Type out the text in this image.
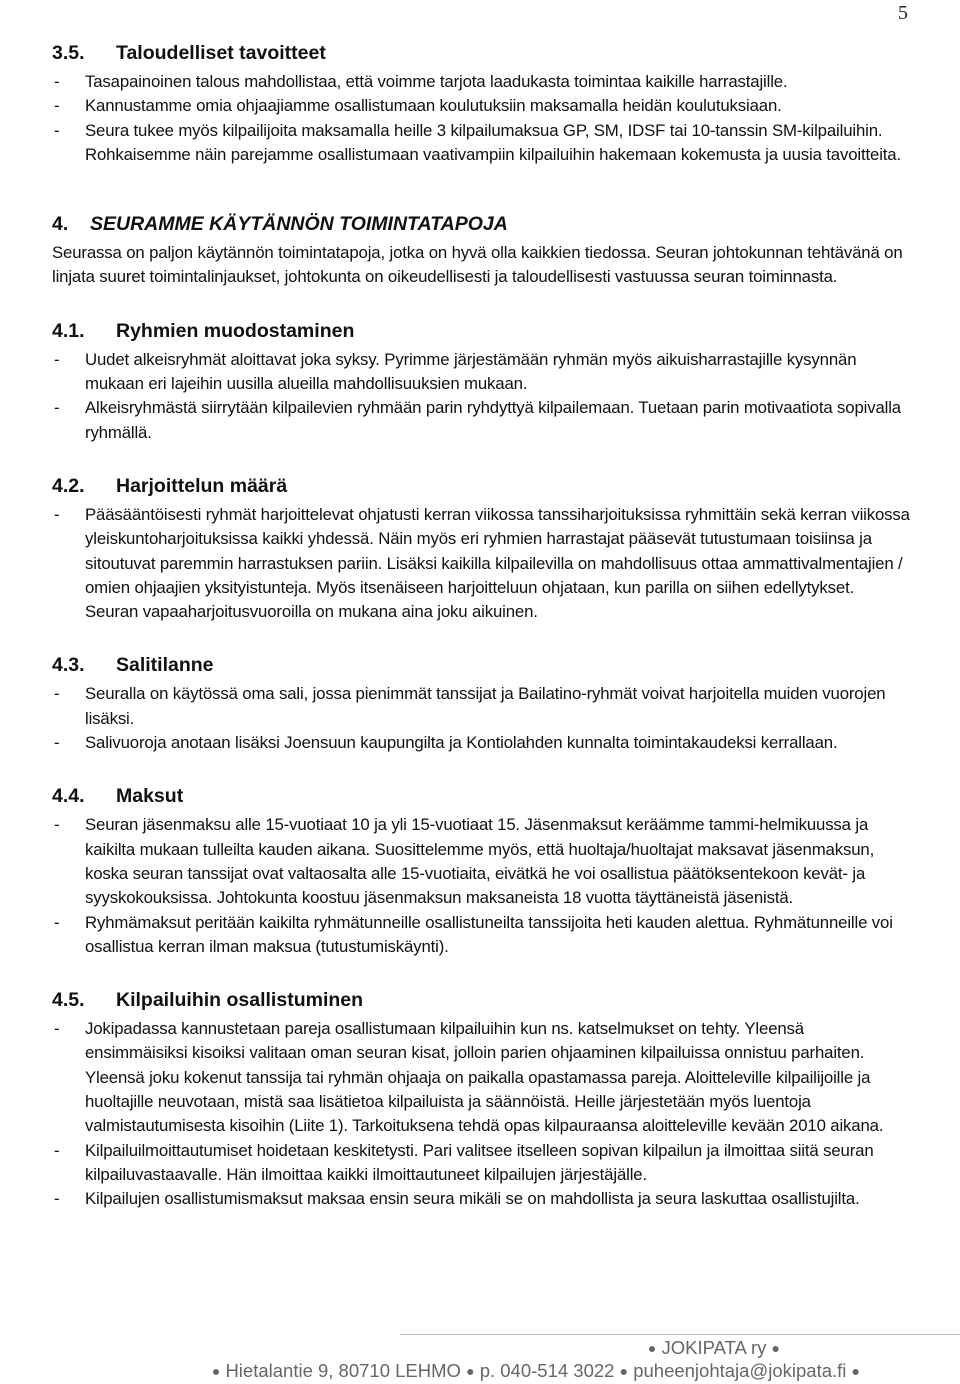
5
3.5.	Taloudelliset tavoitteet
- Tasapainoinen talous mahdollistaa, että voimme tarjota laadukasta toimintaa kaikille harrastajille.
- Kannustamme omia ohjaajiamme osallistumaan koulutuksiin maksamalla heidän koulutuksiaan.
- Seura tukee myös kilpailijoita maksamalla heille 3 kilpailumaksua GP, SM, IDSF tai 10-tanssin SM-kilpailuihin. Rohkaisemme näin parejamme osallistumaan vaativampiin kilpailuihin hakemaan kokemusta ja uusia tavoitteita.
4.	SEURAMME KÄYTÄNNÖN TOIMINTATAPOJA

Seurassa on paljon käytännön toimintatapoja, jotka on hyvä olla kaikkien tiedossa. Seuran johtokunnan tehtävänä on linjata suuret toimintalinjaukset, johtokunta on oikeudellisesti ja taloudellisesti vastuussa seuran toiminnasta.

4.1.	Ryhmien muodostaminen
- Uudet alkeisryhmät aloittavat joka syksy. Pyrimme järjestämään ryhmän myös aikuisharrastajille kysynnän mukaan eri lajeihin uusilla alueilla mahdollisuuksien mukaan.
- Alkeisryhmästä siirrytään kilpailevien ryhmään parin ryhdyttyä kilpailemaan. Tuetaan parin motivaatiota sopivalla ryhmällä.
4.2.	Harjoittelun määrä
- Pääsääntöisesti ryhmät harjoittelevat ohjatusti kerran viikossa tanssiharjoituksissa ryhmittäin sekä kerran viikossa yleiskuntoharjoituksissa kaikki yhdessä. Näin myös eri ryhmien harrastajat pääsevät tutustumaan toisiinsa ja sitoutuvat paremmin harrastuksen pariin. Lisäksi kaikilla kilpailevilla on mahdollisuus ottaa ammattivalmentajien / omien ohjaajien yksityistunteja. Myös itsenäiseen harjoitteluun ohjataan, kun parilla on siihen edellytykset. Seuran vapaaharjoitusvuoroilla on mukana aina joku aikuinen.
4.3.	Salitilanne
- Seuralla on käytössä oma sali, jossa pienimmät tanssijat ja Bailatino-ryhmät voivat harjoitella muiden vuorojen lisäksi.
- Salivuoroja anotaan lisäksi Joensuun kaupungilta ja Kontiolahden kunnalta toimintakaudeksi kerrallaan.
4.4.	Maksut
- Seuran jäsenmaksu alle 15-vuotiaat 10 ja yli 15-vuotiaat 15. Jäsenmaksut keräämme tammi-helmikuussa ja kaikilta mukaan tulleilta kauden aikana. Suosittelemme myös, että huoltaja/huoltajat maksavat jäsenmaksun, koska seuran tanssijat ovat valtaosalta alle 15-vuotiaita, eivätkä he voi osallistua päätöksentekoon kevät- ja syyskokouksissa. Johtokunta koostuu jäsenmaksun maksaneista 18 vuotta täyttäneistä jäsenistä.
- Ryhmämaksut peritään kaikilta ryhmätunneille osallistuneilta tanssijoita heti kauden alettua. Ryhmätunneille voi osallistua kerran ilman maksua (tutustumiskäynti).
4.5.	Kilpailuihin osallistuminen
- Jokipadassa kannustetaan pareja osallistumaan kilpailuihin kun ns. katselmukset on tehty. Yleensä ensimmäisiksi kisoiksi valitaan oman seuran kisat, jolloin parien ohjaaminen kilpailuissa onnistuu parhaiten. Yleensä joku kokenut tanssija tai ryhmän ohjaaja on paikalla opastamassa pareja. Aloitteleville kilpailijoille ja huoltajille neuvotaan, mistä saa lisätietoa kilpailuista ja säännöistä. Heille järjestetään myös luentoja valmistautumisesta kisoihin (Liite 1). Tarkoituksena tehdä opas kilpauraansa aloitteleville kevään 2010 aikana.
- Kilpailuilmoittautumiset hoidetaan keskitetysti. Pari valitsee itselleen sopivan kilpailun ja ilmoittaa siitä seuran kilpailuvastaavalle. Hän ilmoittaa kaikki ilmoittautuneet kilpailujen järjestäjälle.
- Kilpailujen osallistumismaksut maksaa ensin seura mikäli se on mahdollista ja seura laskuttaa osallistujilta.
● JOKIPATA ry ●
● Hietalantie 9, 80710 LEHMO ● p. 040-514 3022 ● puheenjohtaja@jokipata.fi ●
